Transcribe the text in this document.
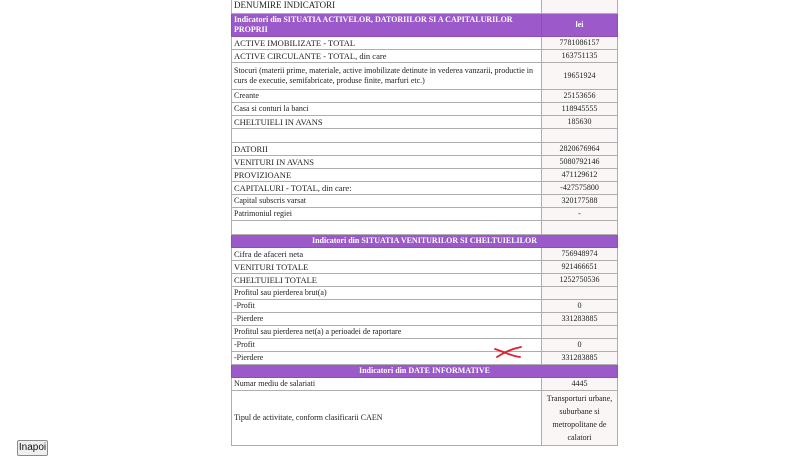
DENUMIRE INDICATORI	
Indicatori din SITUATIA ACTIVELOR, DATORIILOR SI A CAPITALURILOR PROPRII	lei
ACTIVE IMOBILIZATE - TOTAL	7781086157
ACTIVE CIRCULANTE - TOTAL, din care	163751135
Stocuri (materii prime, materiale, active imobilizate detinute in vederea vanzarii, productie in curs de executie, semifabricate, produse finite, marfuri etc.)	19651924
Creante	25153656
Casa si conturi la banci	118945555
CHELTUIELI IN AVANS	185630

DATORII	2820676964
VENITURI IN AVANS	5080792146
PROVIZIOANE	471129612
CAPITALURI - TOTAL, din care:	-427575800
Capital subscris varsat	320177588
Patrimoniul regiei	-

Indicatori din SITUATIA VENITURILOR SI CHELTUIELILOR	
Cifra de afaceri neta	756948974
VENITURI TOTALE	921466651
CHELTUIELI TOTALE	1252750536
Profitul sau pierderea brut(a)	
-Profit	0
-Pierdere	331283885
Profitul sau pierderea net(a) a perioadei de raportare	
-Profit	0
-Pierdere	331283885
Indicatori din DATE INFORMATIVE	
Numar mediu de salariati	4445
Tipul de activitate, conform clasificarii CAEN	Transporturi urbane, suburbane si metropolitane de calatori
Inapoi
